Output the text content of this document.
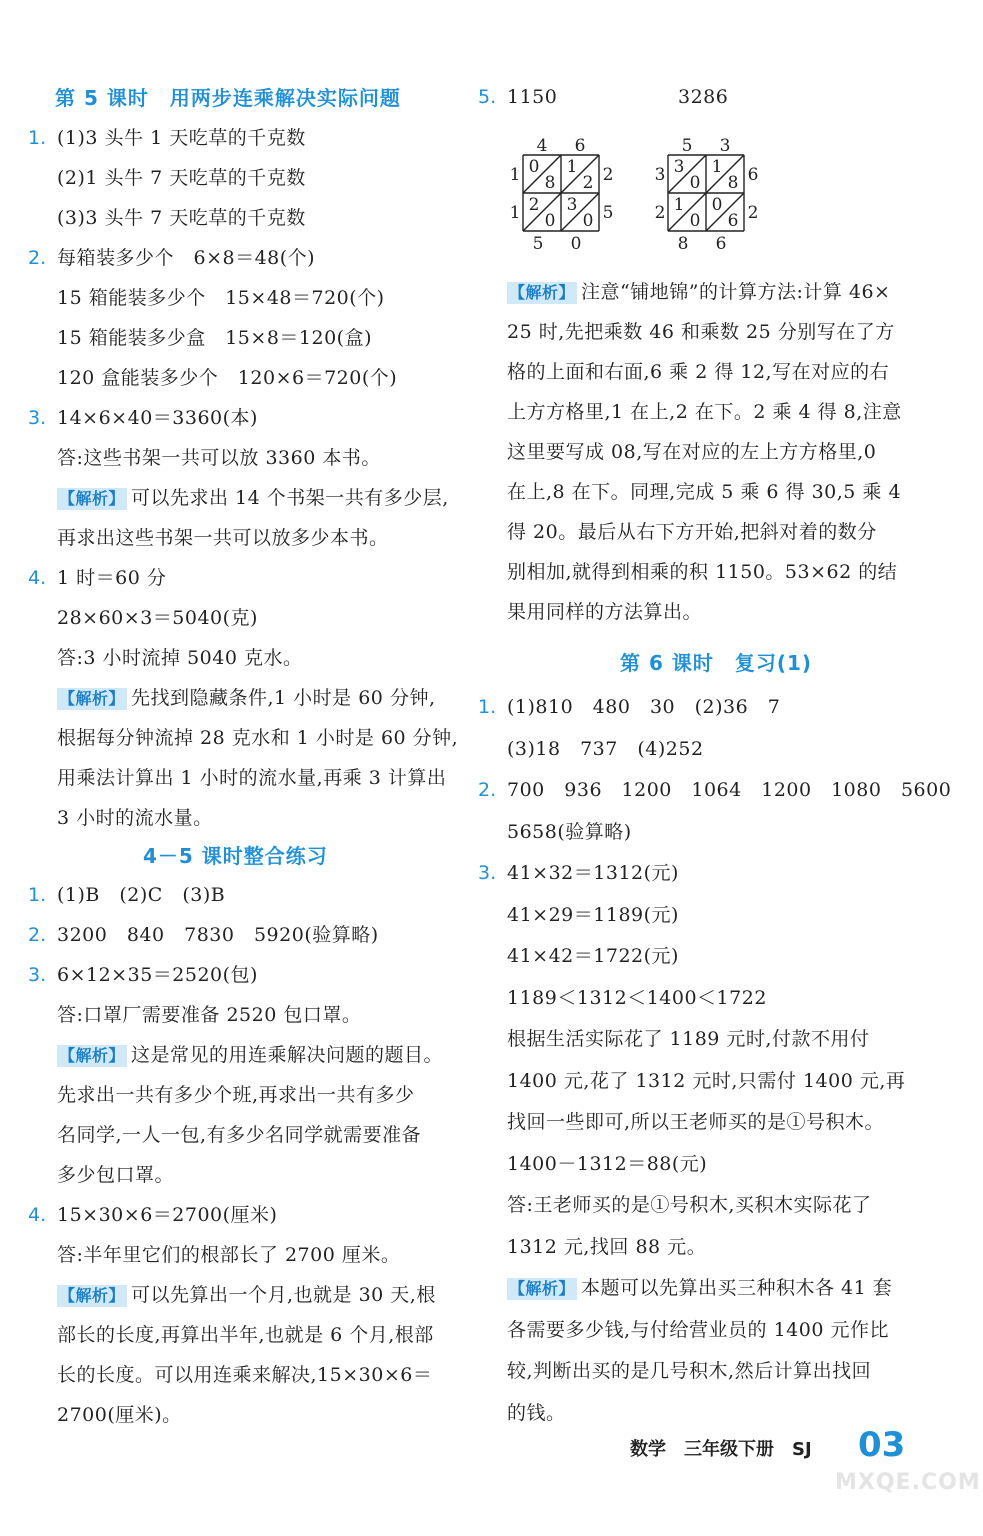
第 5 课时　用两步连乘解决实际问题
1. (1)3 头牛 1 天吃草的千克数
(2)1 头牛 7 天吃草的千克数
(3)3 头牛 7 天吃草的千克数
2. 每箱装多少个　6×8＝48(个)
15 箱能装多少个　15×48＝720(个)
15 箱能装多少盒　15×8＝120(盒)
120 盒能装多少个　120×6＝720(个)
3. 14×6×40＝3360(本)
答:这些书架一共可以放 3360 本书。
【解析】 可以先求出 14 个书架一共有多少层,
再求出这些书架一共可以放多少本书。
4. 1 时＝60 分
28×60×3＝5040(克)
答:3 小时流掉 5040 克水。
【解析】 先找到隐藏条件,1 小时是 60 分钟,
根据每分钟流掉 28 克水和 1 小时是 60 分钟,
用乘法计算出 1 小时的流水量,再乘 3 计算出
3 小时的流水量。
4－5 课时整合练习
1. (1)B　(2)C　(3)B
2. 3200　840　7830　5920(验算略)
3. 6×12×35＝2520(包)
答:口罩厂需要准备 2520 包口罩。
【解析】 这是常见的用连乘解决问题的题目。
先求出一共有多少个班,再求出一共有多少
名同学,一人一包,有多少名同学就需要准备
多少包口罩。
4. 15×30×6＝2700(厘米)
答:半年里它们的根部长了 2700 厘米。
【解析】 可以先算出一个月,也就是 30 天,根
部长的长度,再算出半年,也就是 6 个月,根部
长的长度。可以用连乘来解决,15×30×6＝
2700(厘米)。
5. 1150	3286
0
8
1
2
2
0
3
0
4 6
5 0
1
1
2
5
3
0
1
8
1
0
0
6
5 3
8 6
3
2
6
2
【解析】 注意“铺地锦”的计算方法:计算 46×
25 时,先把乘数 46 和乘数 25 分别写在了方
格的上面和右面,6 乘 2 得 12,写在对应的右
上方方格里,1 在上,2 在下。2 乘 4 得 8,注意
这里要写成 08,写在对应的左上方方格里,0
在上,8 在下。同理,完成 5 乘 6 得 30,5 乘 4
得 20。最后从右下方开始,把斜对着的数分
别相加,就得到相乘的积 1150。53×62 的结
果用同样的方法算出。
第 6 课时　复习(1)
1. (1)810　480　30　(2)36　7
(3)18　737　(4)252
2. 700　936　1200　1064　1200　1080　5600
5658(验算略)
3. 41×32＝1312(元)
41×29＝1189(元)
41×42＝1722(元)
1189＜1312＜1400＜1722
根据生活实际花了 1189 元时,付款不用付
1400 元,花了 1312 元时,只需付 1400 元,再
找回一些即可,所以王老师买的是①号积木。
1400－1312＝88(元)
答:王老师买的是①号积木,买积木实际花了
1312 元,找回 88 元。
【解析】 本题可以先算出买三种积木各 41 套
各需要多少钱,与付给营业员的 1400 元作比
较,判断出买的是几号积木,然后计算出找回
的钱。
数学　三年级下册　SJ 03
MXQE.COM
